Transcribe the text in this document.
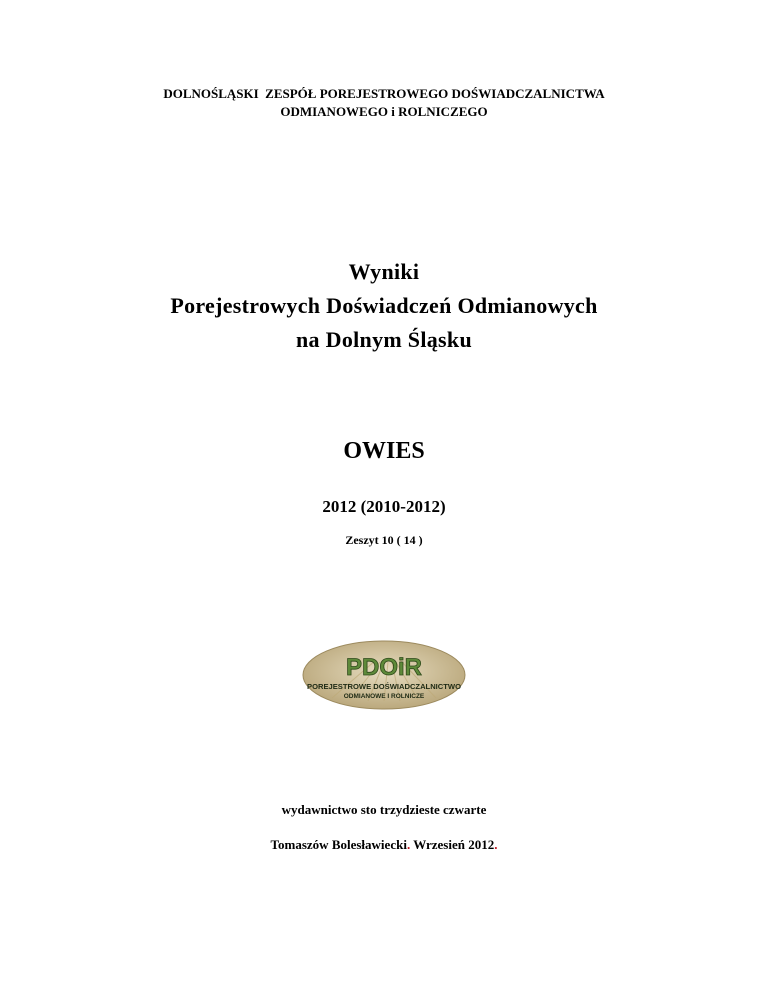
DOLNOŚLĄSKI  ZESPÓŁ POREJESTROWEGO DOŚWIADCZALNICTWA
ODMIANOWEGO i ROLNICZEGO
Wyniki
Porejestrowych Doświadczeń Odmianowych
na Dolnym Śląsku
OWIES
2012 (2010-2012)
Zeszyt 10 ( 14 )
PDOiR
POREJESTROWE DOŚWIADCZALNICTWO
ODMIANOWE I ROLNICZE
wydawnictwo sto trzydzieste czwarte
Tomaszów Bolesławiecki. Wrzesień 2012.
